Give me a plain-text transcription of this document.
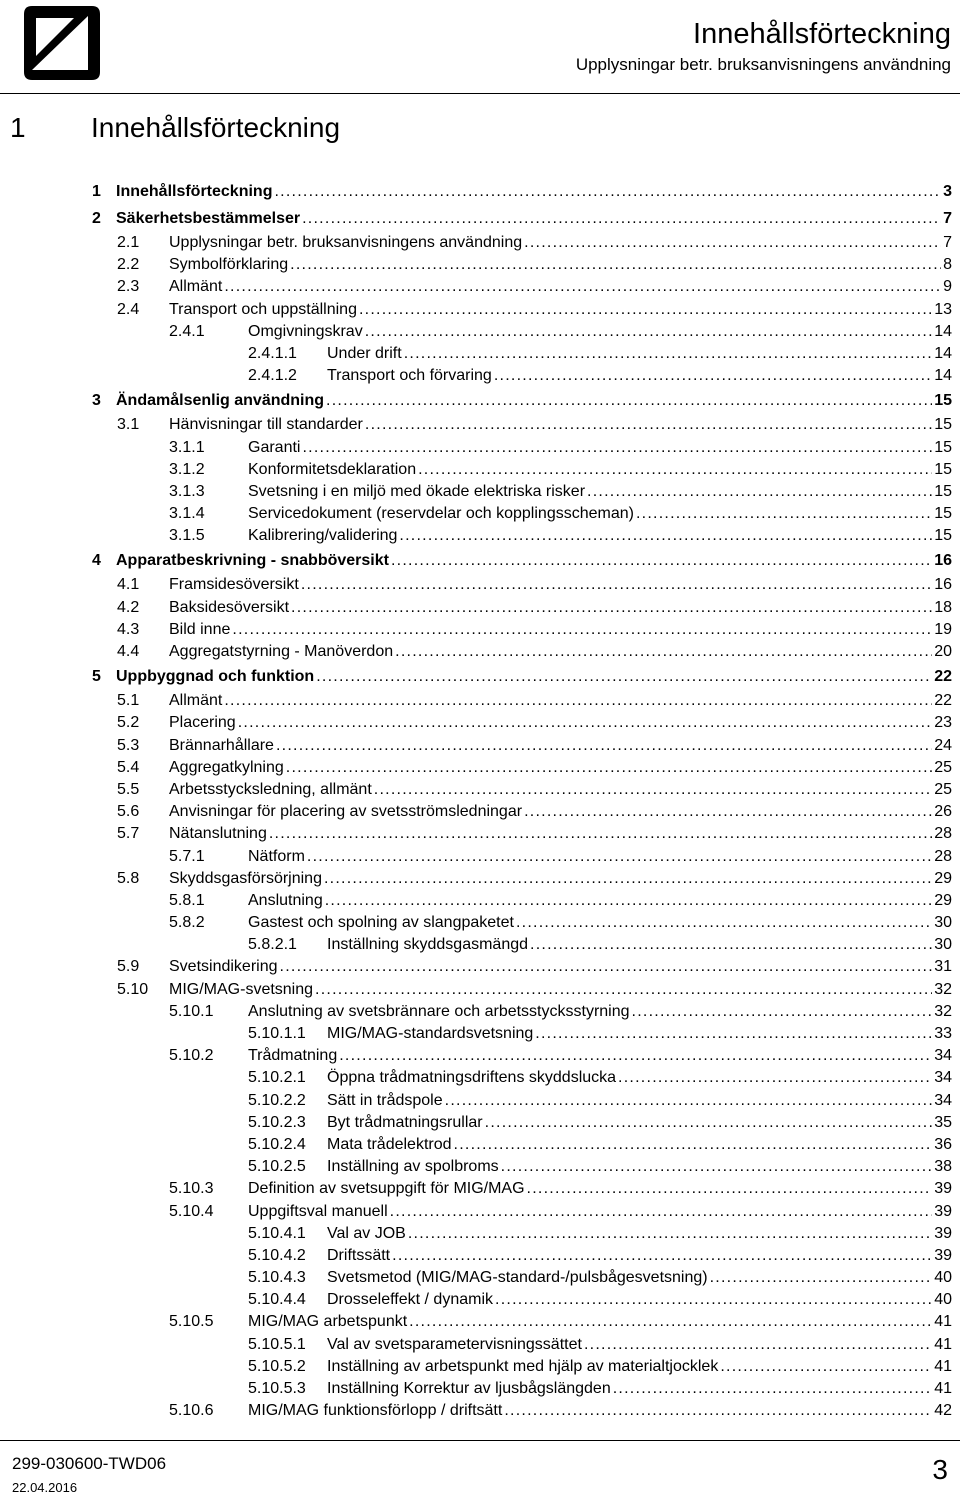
Innehållsförteckning
Upplysningar betr. bruksanvisningens användning
1 Innehållsförteckning
1 Innehållsförteckning . . .	3
2 Säkerhetsbestämmelser . . .	7
2.1 Upplysningar betr. bruksanvisningens användning . . .	7
2.2 Symbolförklaring . . .	8
2.3 Allmänt . . .	9
2.4 Transport och uppställning . . .	13
2.4.1	Omgivningskrav . . .	14
2.4.1.1 Under drift . . .	14
2.4.1.2 Transport och förvaring . . .	14
3 Ändamålsenlig användning . . .	15
3.1 Hänvisningar till standarder . . .	15
3.1.1	Garanti . . .	15
3.1.2	Konformitetsdeklaration . . .	15
3.1.3	Svetsning i en miljö med ökade elektriska risker . . .	15
3.1.4	Servicedokument (reservdelar och kopplingsscheman) . . .	15
3.1.5	Kalibrering/validering . . .	15
4 Apparatbeskrivning - snabböversikt . . .	16
4.1 Framsidesöversikt . . .	16
4.2 Baksidesöversikt . . .	18
4.3 Bild inne . . .	19
4.4 Aggregatstyrning - Manöverdon . . .	20
5 Uppbyggnad och funktion . . .	22
5.1 Allmänt . . .	22
5.2 Placering . . .	23
5.3 Brännarhållare . . .	24
5.4 Aggregatkylning . . .	25
5.5 Arbetsstycksledning, allmänt . . .	25
5.6 Anvisningar för placering av svetsströmsledningar . . .	26
5.7 Nätanslutning . . .	28
5.7.1	Nätform . . .	28
5.8 Skyddsgasförsörjning . . .	29
5.8.1	Anslutning . . .	29
5.8.2	Gastest och spolning av slangpaketet . . .	30
5.8.2.1 Inställning skyddsgasmängd . . .	30
5.9 Svetsindikering . . .	31
5.10 MIG/MAG-svetsning . . .	32
5.10.1 Anslutning av svetsbrännare och arbetsstycksstyrning . . .	32
5.10.1.1 MIG/MAG-standardsvetsning . . .	33
5.10.2 Trådmatning . . .	34
5.10.2.1 Öppna trådmatningsdriftens skyddslucka . . .	34
5.10.2.2 Sätt in trådspole . . .	34
5.10.2.3 Byt trådmatningsrullar . . .	35
5.10.2.4 Mata trådelektrod . . .	36
5.10.2.5 Inställning av spolbroms . . .	38
5.10.3 Definition av svetsuppgift för MIG/MAG . . .	39
5.10.4 Uppgiftsval manuell . . .	39
5.10.4.1 Val av JOB . . .	39
5.10.4.2 Driftssätt . . .	39
5.10.4.3 Svetsmetod (MIG/MAG-standard-/pulsbågesvetsning) . . .	40
5.10.4.4 Drosseleffekt / dynamik . . .	40
5.10.5 MIG/MAG arbetspunkt . . .	41
5.10.5.1 Val av svetsparametervisningssättet . . .	41
5.10.5.2 Inställning av arbetspunkt med hjälp av materialtjocklek . . .	41
5.10.5.3 Inställning Korrektur av ljusbågslängden . . .	41
5.10.6 MIG/MAG funktionsförlopp / driftsätt . . .	42
299-030600-TWD06
22.04.2016
3
